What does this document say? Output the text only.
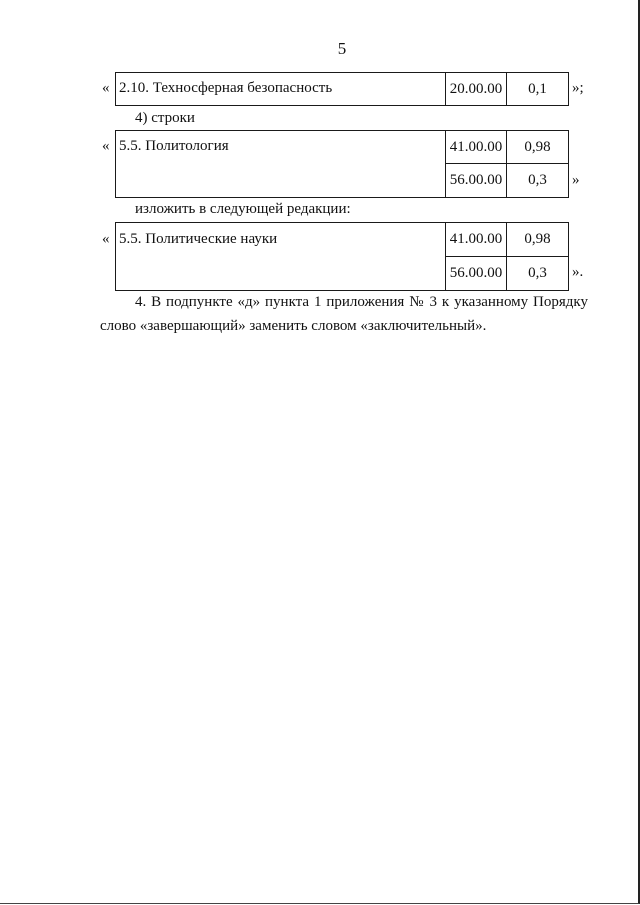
5
« 2.10. Техносферная безопасность	20.00.00 0,1 »;
4) строки
« 5.5. Политология	41.00.00 0,98
56.00.00 0,3 »
изложить в следующей редакции:
« 5.5. Политические науки	41.00.00 0,98
56.00.00 0,3 ».
4. В подпункте «д» пункта 1 приложения № 3 к указанному Порядку слово «завершающий» заменить словом «заключительный».
